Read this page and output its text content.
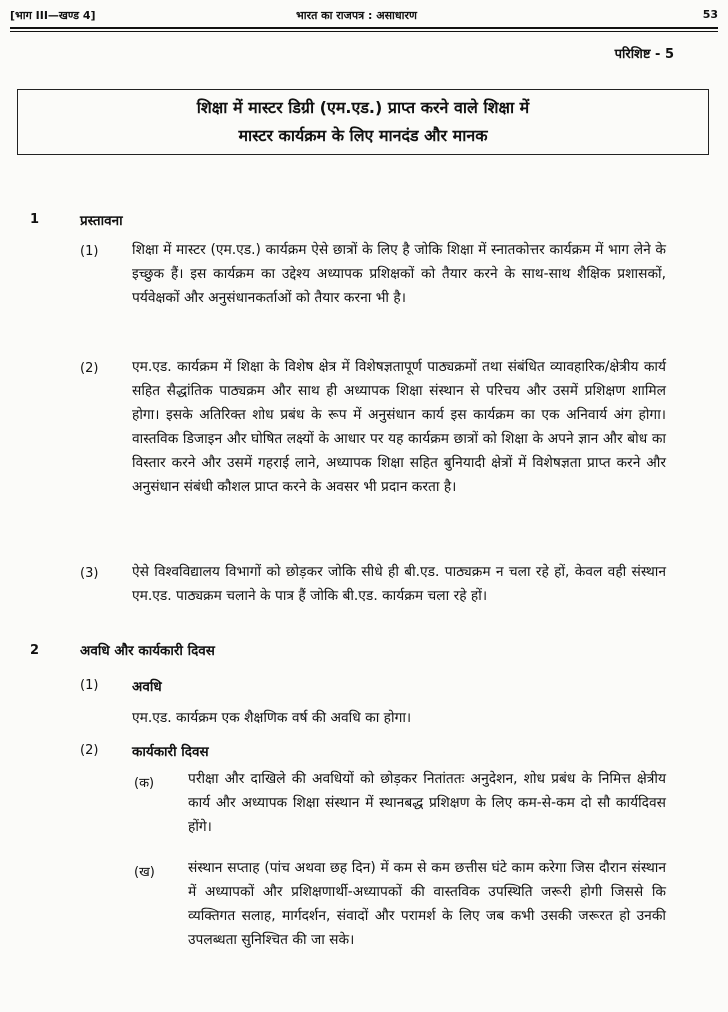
[भाग III—खण्ड 4]	भारत का राजपत्र : असाधारण	53
परिशिष्ट - 5
शिक्षा में मास्टर डिग्री (एम.एड.) प्राप्त करने वाले शिक्षा में
मास्टर कार्यक्रम के लिए मानदंड और मानक
1	प्रस्तावना
(1) शिक्षा में मास्टर (एम.एड.) कार्यक्रम ऐसे छात्रों के लिए है जोकि शिक्षा में स्नातकोत्तर कार्यक्रम में भाग लेने के इच्छुक हैं। इस कार्यक्रम का उद्देश्य अध्यापक प्रशिक्षकों को तैयार करने के साथ-साथ शैक्षिक प्रशासकों, पर्यवेक्षकों और अनुसंधानकर्ताओं को तैयार करना भी है।

(2) एम.एड. कार्यक्रम में शिक्षा के विशेष क्षेत्र में विशेषज्ञतापूर्ण पाठ्यक्रमों तथा संबंधित व्यावहारिक/क्षेत्रीय कार्य सहित सैद्धांतिक पाठ्यक्रम और साथ ही अध्यापक शिक्षा संस्थान से परिचय और उसमें प्रशिक्षण शामिल होगा। इसके अतिरिक्त शोध प्रबंध के रूप में अनुसंधान कार्य इस कार्यक्रम का एक अनिवार्य अंग होगा। वास्तविक डिजाइन और घोषित लक्ष्यों के आधार पर यह कार्यक्रम छात्रों को शिक्षा के अपने ज्ञान और बोध का विस्तार करने और उसमें गहराई लाने, अध्यापक शिक्षा सहित बुनियादी क्षेत्रों में विशेषज्ञता प्राप्त करने और अनुसंधान संबंधी कौशल प्राप्त करने के अवसर भी प्रदान करता है।

(3) ऐसे विश्वविद्यालय विभागों को छोड़कर जोकि सीधे ही बी.एड. पाठ्यक्रम न चला रहे हों, केवल वही संस्थान एम.एड. पाठ्यक्रम चलाने के पात्र हैं जोकि बी.एड. कार्यक्रम चला रहे हों।

2	अवधि और कार्यकारी दिवस
(1) अवधि

एम.एड. कार्यक्रम एक शैक्षणिक वर्ष की अवधि का होगा।

(2) कार्यकारी दिवस
(क) परीक्षा और दाखिले की अवधियों को छोड़कर नितांततः अनुदेशन, शोध प्रबंध के निमित्त क्षेत्रीय कार्य और अध्यापक शिक्षा संस्थान में स्थानबद्ध प्रशिक्षण के लिए कम-से-कम दो सौ कार्यदिवस होंगे।

(ख) संस्थान सप्ताह (पांच अथवा छह दिन) में कम से कम छत्तीस घंटे काम करेगा जिस दौरान संस्थान में अध्यापकों और प्रशिक्षणार्थी-अध्यापकों की वास्तविक उपस्थिति जरूरी होगी जिससे कि व्यक्तिगत सलाह, मार्गदर्शन, संवादों और परामर्श के लिए जब कभी उसकी जरूरत हो उनकी उपलब्धता सुनिश्चित की जा सके।
